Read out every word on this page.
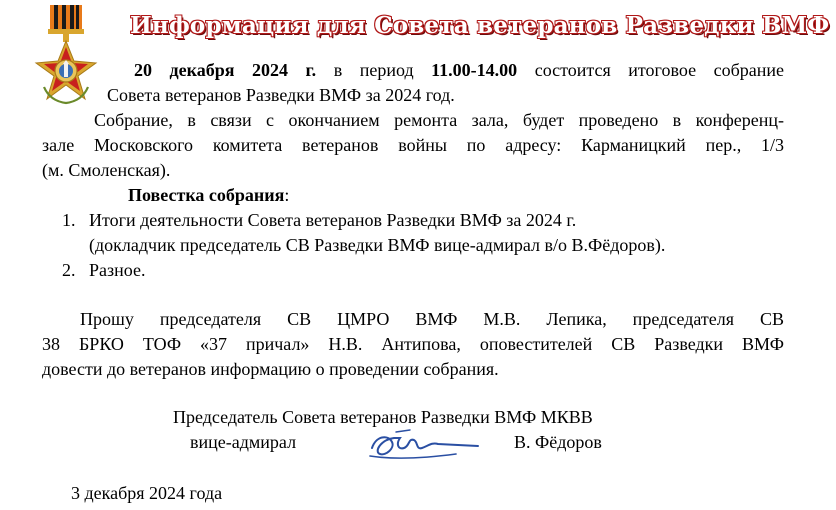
Информация для Совета ветеранов Разведки ВМФ
20 декабря 2024 г. в период 11.00-14.00 состоится итоговое собрание
Совета ветеранов Разведки ВМФ за 2024 год.
Собрание, в связи с окончанием ремонта зала, будет проведено в конференц-
зале Московского комитета ветеранов войны по адресу: Карманицкий пер., 1/3
(м. Смоленская).
Повестка собрания:
1. Итоги деятельности Совета ветеранов Разведки ВМФ за 2024 г.
(докладчик председатель СВ Разведки ВМФ вице-адмирал в/о В.Фёдоров).
2. Разное.
Прошу председателя СВ ЦМРО ВМФ М.В. Лепика, председателя СВ
38 БРКО ТОФ «37 причал» Н.В. Антипова, оповестителей СВ Разведки ВМФ
довести до ветеранов информацию о проведении собрания.
Председатель Совета ветеранов Разведки ВМФ МКВВ
вице-адмирал	В. Фёдоров
3 декабря 2024 года
